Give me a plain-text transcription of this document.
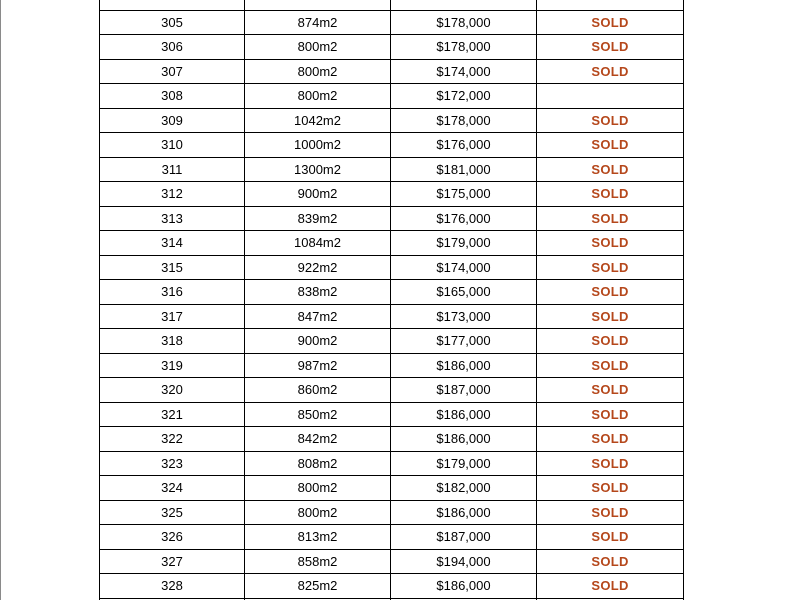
305	874m2	$178,000	SOLD
306	800m2	$178,000	SOLD
307	800m2	$174,000	SOLD
308	800m2	$172,000	
309	1042m2	$178,000	SOLD
310	1000m2	$176,000	SOLD
311	1300m2	$181,000	SOLD
312	900m2	$175,000	SOLD
313	839m2	$176,000	SOLD
314	1084m2	$179,000	SOLD
315	922m2	$174,000	SOLD
316	838m2	$165,000	SOLD
317	847m2	$173,000	SOLD
318	900m2	$177,000	SOLD
319	987m2	$186,000	SOLD
320	860m2	$187,000	SOLD
321	850m2	$186,000	SOLD
322	842m2	$186,000	SOLD
323	808m2	$179,000	SOLD
324	800m2	$182,000	SOLD
325	800m2	$186,000	SOLD
326	813m2	$187,000	SOLD
327	858m2	$194,000	SOLD
328	825m2	$186,000	SOLD
